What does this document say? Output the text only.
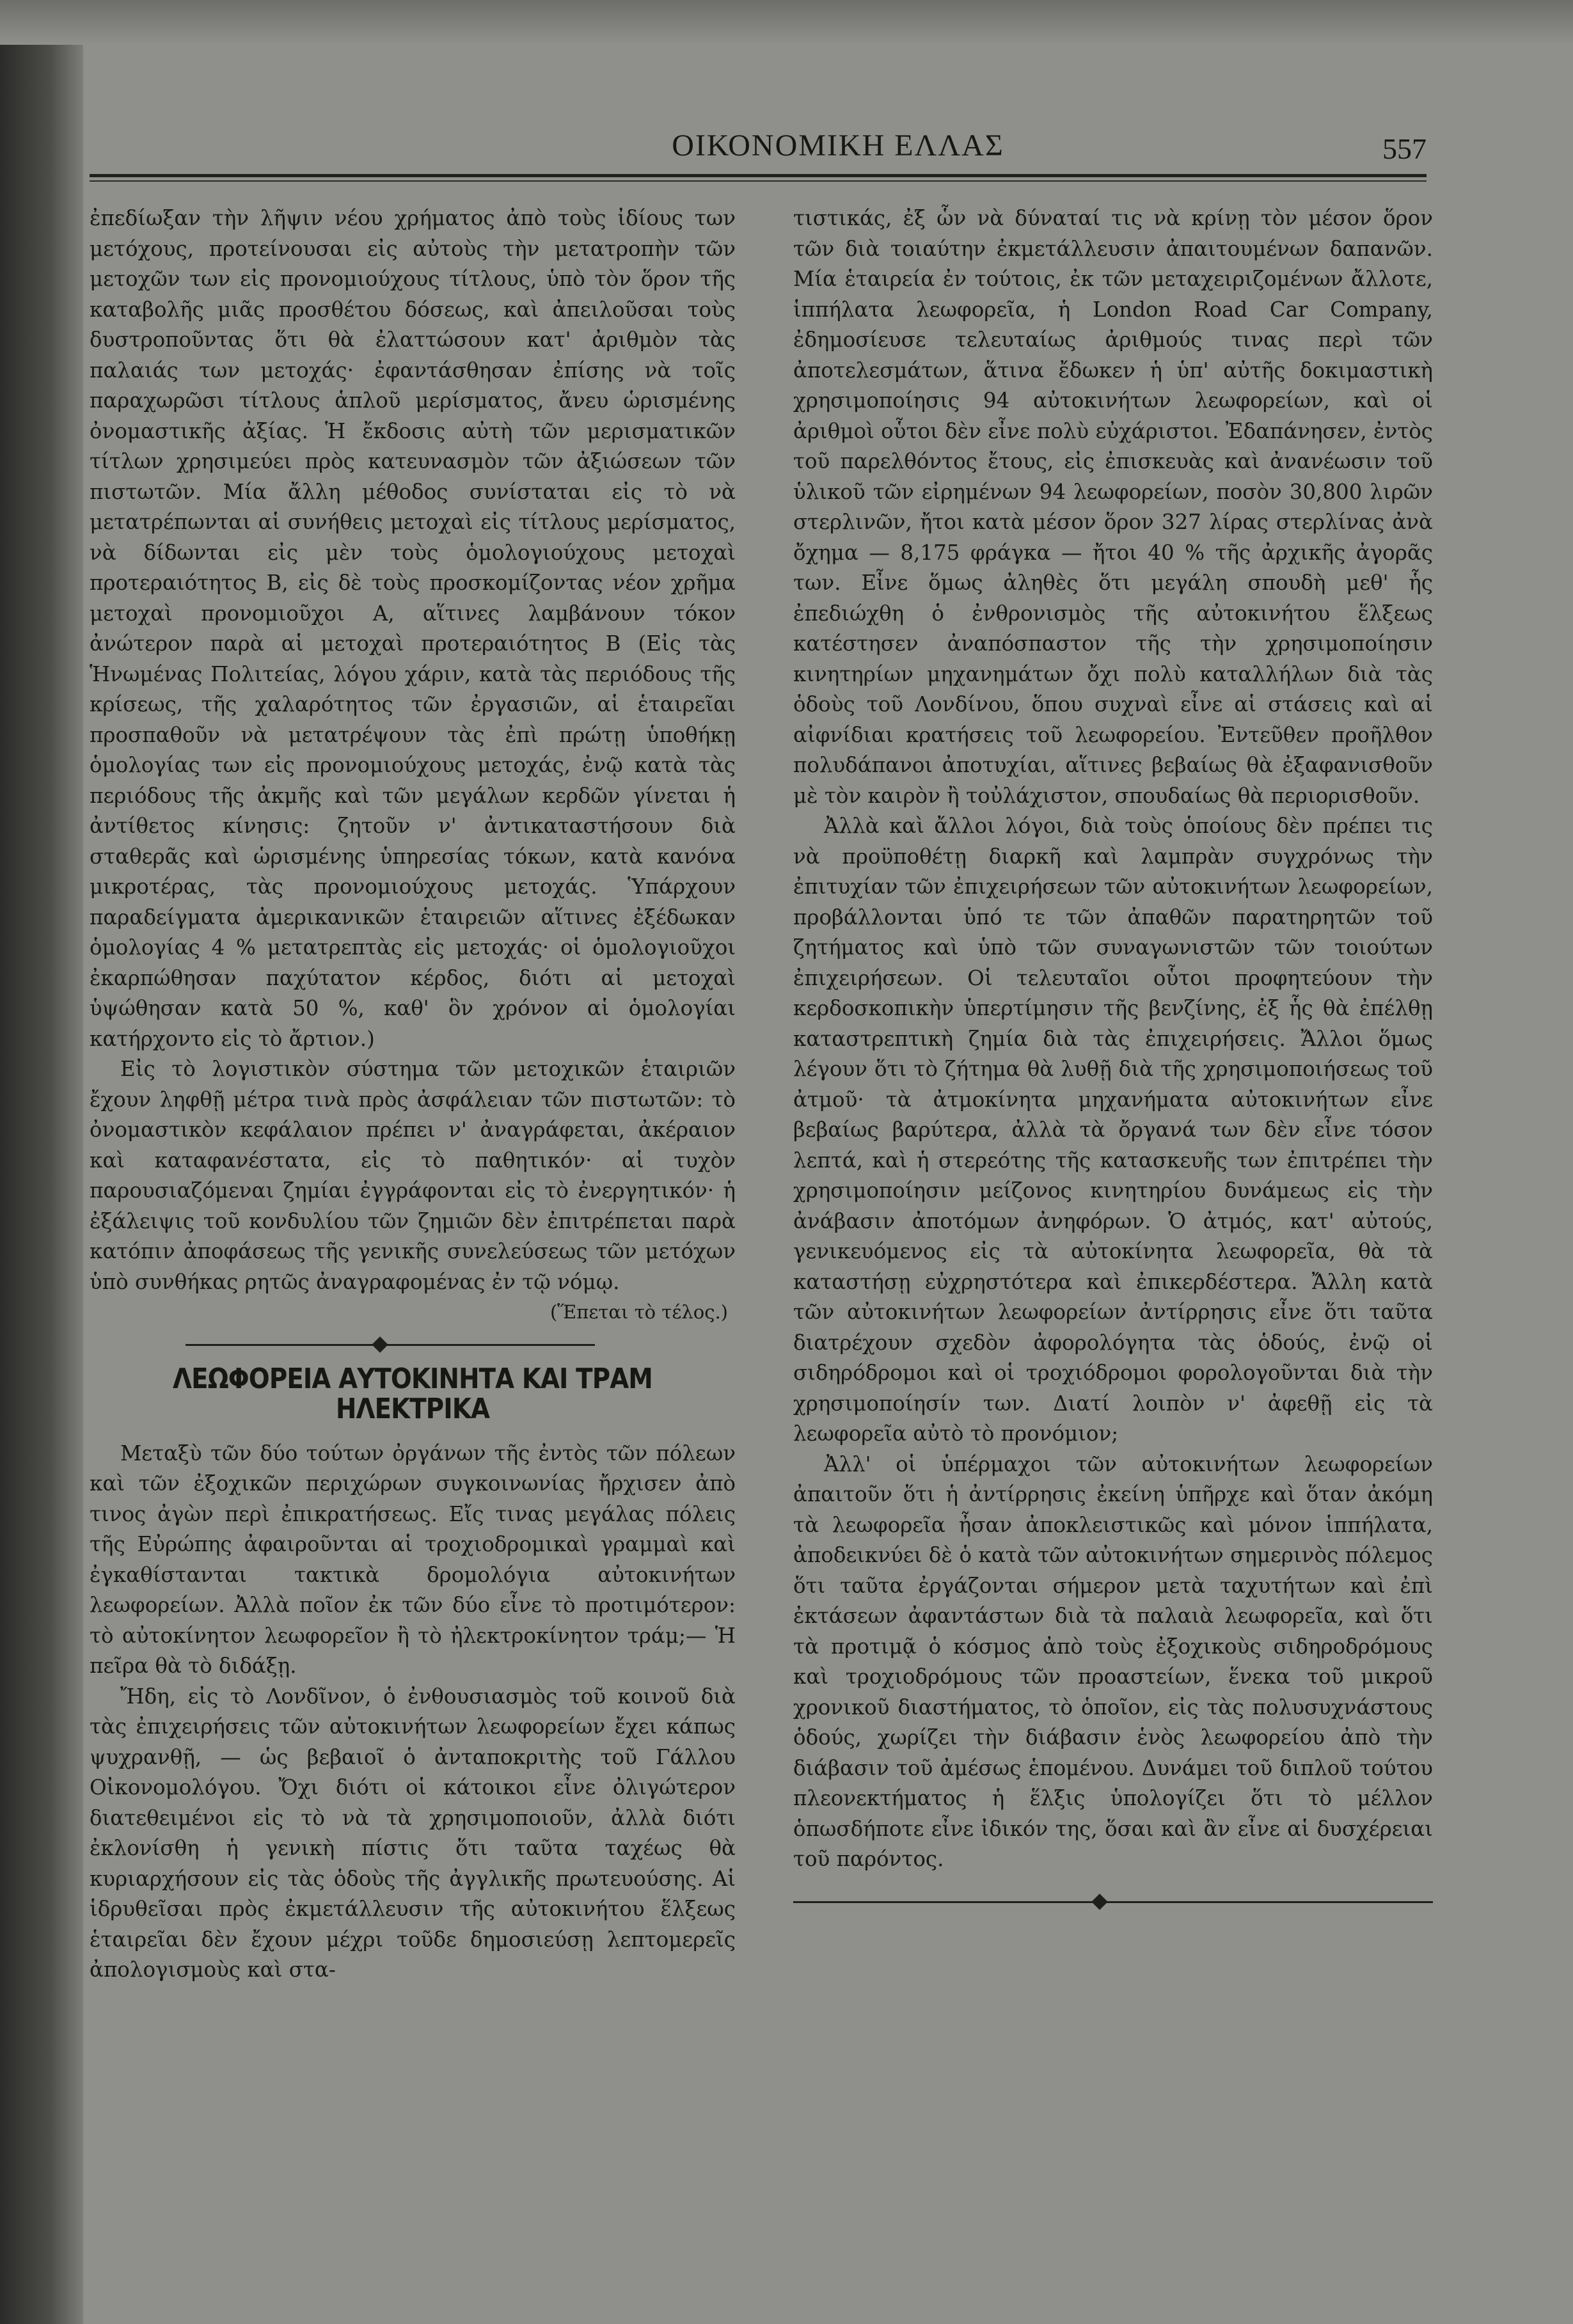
ΟΙΚΟΝΟΜΙΚΗ ΕΛΛΑΣ	557

ἐπεδίωξαν τὴν λῆψιν νέου χρήματος ἀπὸ τοὺς ἰδίους των μετόχους, προτείνουσαι εἰς αὐτοὺς τὴν μετατροπὴν τῶν μετοχῶν των εἰς προνομιούχους τίτλους, ὑπὸ τὸν ὅρον τῆς καταβολῆς μιᾶς προσθέτου δόσεως, καὶ ἀπειλοῦσαι τοὺς δυστροποῦντας ὅτι θὰ ἐλαττώσουν κατ' ἀριθμὸν τὰς παλαιάς των μετοχάς· ἐφαντάσθησαν ἐπίσης νὰ τοῖς παραχωρῶσι τίτλους ἁπλοῦ μερίσματος, ἄνευ ὡρισμένης ὀνομαστικῆς ἀξίας. Ἡ ἔκδοσις αὐτὴ τῶν μερισματικῶν τίτλων χρησιμεύει πρὸς κατευνασμὸν τῶν ἀξιώσεων τῶν πιστωτῶν. Μία ἄλλη μέθοδος συνίσταται εἰς τὸ νὰ μετατρέπωνται αἱ συνήθεις μετοχαὶ εἰς τίτλους μερίσματος, νὰ δίδωνται εἰς μὲν τοὺς ὁμολογιούχους μετοχαὶ προτεραιότητος Β, εἰς δὲ τοὺς προσκομίζοντας νέον χρῆμα μετοχαὶ προνομιοῦχοι Α, αἵτινες λαμβάνουν τόκον ἀνώτερον παρὰ αἱ μετοχαὶ προτεραιότητος Β (Εἰς τὰς Ἡνωμένας Πολιτείας, λόγου χάριν, κατὰ τὰς περιόδους τῆς κρίσεως, τῆς χαλαρότητος τῶν ἐργασιῶν, αἱ ἑταιρεῖαι προσπαθοῦν νὰ μετατρέψουν τὰς ἐπὶ πρώτῃ ὑποθήκῃ ὁμολογίας των εἰς προνομιούχους μετοχάς, ἐνῷ κατὰ τὰς περιόδους τῆς ἀκμῆς καὶ τῶν μεγάλων κερδῶν γίνεται ἡ ἀντίθετος κίνησις: ζητοῦν ν' ἀντικαταστήσουν διὰ σταθερᾶς καὶ ὡρισμένης ὑπηρεσίας τόκων, κατὰ κανόνα μικροτέρας, τὰς προνομιούχους μετοχάς. Ὑπάρχουν παραδείγματα ἀμερικανικῶν ἑταιρειῶν αἵτινες ἐξέδωκαν ὁμολογίας 4 % μετατρεπτὰς εἰς μετοχάς· οἱ ὁμολογιοῦχοι ἐκαρπώθησαν παχύτατον κέρδος, διότι αἱ μετοχαὶ ὑψώθησαν κατὰ 50 %, καθ' ὃν χρόνον αἱ ὁμολογίαι κατήρχοντο εἰς τὸ ἄρτιον.)

Εἰς τὸ λογιστικὸν σύστημα τῶν μετοχικῶν ἑταιριῶν ἔχουν ληφθῇ μέτρα τινὰ πρὸς ἀσφάλειαν τῶν πιστωτῶν: τὸ ὀνομαστικὸν κεφάλαιον πρέπει ν' ἀναγράφεται, ἀκέραιον καὶ καταφανέστατα, εἰς τὸ παθητικόν· αἱ τυχὸν παρουσιαζόμεναι ζημίαι ἐγγράφονται εἰς τὸ ἐνεργητικόν· ἡ ἐξάλειψις τοῦ κονδυλίου τῶν ζημιῶν δὲν ἐπιτρέπεται παρὰ κατόπιν ἀποφάσεως τῆς γενικῆς συνελεύσεως τῶν μετόχων ὑπὸ συνθήκας ρητῶς ἀναγραφομένας ἐν τῷ νόμῳ.

(Ἕπεται τὸ τέλος.)

ΛΕΩΦΟΡΕΙΑ ΑΥΤΟΚΙΝΗΤΑ ΚΑΙ ΤΡΑΜ ΗΛΕΚΤΡΙΚΑ

Μεταξὺ τῶν δύο τούτων ὀργάνων τῆς ἐντὸς τῶν πόλεων καὶ τῶν ἐξοχικῶν περιχώρων συγκοινωνίας ἤρχισεν ἀπὸ τινος ἀγὼν περὶ ἐπικρατήσεως. Εἴς τινας μεγάλας πόλεις τῆς Εὐρώπης ἀφαιροῦνται αἱ τροχιοδρομικαὶ γραμμαὶ καὶ ἐγκαθίστανται τακτικὰ δρομολόγια αὐτοκινήτων λεωφορείων. Ἀλλὰ ποῖον ἐκ τῶν δύο εἶνε τὸ προτιμότερον: τὸ αὐτοκίνητον λεωφορεῖον ἢ τὸ ἠλεκτροκίνητον τράμ;— Ἡ πεῖρα θὰ τὸ διδάξῃ.

Ἤδη, εἰς τὸ Λονδῖνον, ὁ ἐνθουσιασμὸς τοῦ κοινοῦ διὰ τὰς ἐπιχειρήσεις τῶν αὐτοκινήτων λεωφορείων ἔχει κάπως ψυχρανθῇ, — ὡς βεβαιοῖ ὁ ἀνταποκριτὴς τοῦ Γάλλου Οἰκονομολόγου. Ὄχι διότι οἱ κάτοικοι εἶνε ὀλιγώτερον διατεθειμένοι εἰς τὸ νὰ τὰ χρησιμοποιοῦν, ἀλλὰ διότι ἐκλονίσθη ἡ γενικὴ πίστις ὅτι ταῦτα ταχέως θὰ κυριαρχήσουν εἰς τὰς ὁδοὺς τῆς ἀγγλικῆς πρωτευούσης. Αἱ ἱδρυθεῖσαι πρὸς ἐκμετάλλευσιν τῆς αὐτοκινήτου ἕλξεως ἑταιρεῖαι δὲν ἔχουν μέχρι τοῦδε δημοσιεύσῃ λεπτομερεῖς ἀπολογισμοὺς καὶ στα-

τιστικάς, ἐξ ὧν νὰ δύναταί τις νὰ κρίνῃ τὸν μέσον ὅρον τῶν διὰ τοιαύτην ἐκμετάλλευσιν ἀπαιτουμένων δαπανῶν. Μία ἑταιρεία ἐν τούτοις, ἐκ τῶν μεταχειριζομένων ἄλλοτε, ἱππήλατα λεωφορεῖα, ἡ London Road Car Company, ἐδημοσίευσε τελευταίως ἀριθμούς τινας περὶ τῶν ἀποτελεσμάτων, ἅτινα ἔδωκεν ἡ ὑπ' αὐτῆς δοκιμαστικὴ χρησιμοποίησις 94 αὐτοκινήτων λεωφορείων, καὶ οἱ ἀριθμοὶ οὗτοι δὲν εἶνε πολὺ εὐχάριστοι. Ἐδαπάνησεν, ἐντὸς τοῦ παρελθόντος ἔτους, εἰς ἐπισκευὰς καὶ ἀνανέωσιν τοῦ ὑλικοῦ τῶν εἰρημένων 94 λεωφορείων, ποσὸν 30,800 λιρῶν στερλινῶν, ἤτοι κατὰ μέσον ὅρον 327 λίρας στερλίνας ἀνὰ ὄχημα — 8,175 φράγκα — ἤτοι 40 % τῆς ἀρχικῆς ἀγορᾶς των. Εἶνε ὅμως ἀληθὲς ὅτι μεγάλη σπουδὴ μεθ' ἧς ἐπεδιώχθη ὁ ἐνθρονισμὸς τῆς αὐτοκινήτου ἕλξεως κατέστησεν ἀναπόσπαστον τῆς τὴν χρησιμοποίησιν κινητηρίων μηχανημάτων ὄχι πολὺ καταλλήλων διὰ τὰς ὁδοὺς τοῦ Λονδίνου, ὅπου συχναὶ εἶνε αἱ στάσεις καὶ αἱ αἰφνίδιαι κρατήσεις τοῦ λεωφορείου. Ἐντεῦθεν προῆλθον πολυδάπανοι ἀποτυχίαι, αἵτινες βεβαίως θὰ ἐξαφανισθοῦν μὲ τὸν καιρὸν ἢ τοὐλάχιστον, σπουδαίως θὰ περιορισθοῦν.

Ἀλλὰ καὶ ἄλλοι λόγοι, διὰ τοὺς ὁποίους δὲν πρέπει τις νὰ προϋποθέτῃ διαρκῆ καὶ λαμπρὰν συγχρόνως τὴν ἐπιτυχίαν τῶν ἐπιχειρήσεων τῶν αὐτοκινήτων λεωφορείων, προβάλλονται ὑπό τε τῶν ἀπαθῶν παρατηρητῶν τοῦ ζητήματος καὶ ὑπὸ τῶν συναγωνιστῶν τῶν τοιούτων ἐπιχειρήσεων. Οἱ τελευταῖοι οὗτοι προφητεύουν τὴν κερδοσκοπικὴν ὑπερτίμησιν τῆς βενζίνης, ἐξ ἧς θὰ ἐπέλθῃ καταστρεπτικὴ ζημία διὰ τὰς ἐπιχειρήσεις. Ἄλλοι ὅμως λέγουν ὅτι τὸ ζήτημα θὰ λυθῇ διὰ τῆς χρησιμοποιήσεως τοῦ ἀτμοῦ· τὰ ἀτμοκίνητα μηχανήματα αὐτοκινήτων εἶνε βεβαίως βαρύτερα, ἀλλὰ τὰ ὄργανά των δὲν εἶνε τόσον λεπτά, καὶ ἡ στερεότης τῆς κατασκευῆς των ἐπιτρέπει τὴν χρησιμοποίησιν μείζονος κινητηρίου δυνάμεως εἰς τὴν ἀνάβασιν ἀποτόμων ἀνηφόρων. Ὁ ἀτμός, κατ' αὐτούς, γενικευόμενος εἰς τὰ αὐτοκίνητα λεωφορεῖα, θὰ τὰ καταστήσῃ εὐχρηστότερα καὶ ἐπικερδέστερα. Ἄλλη κατὰ τῶν αὐτοκινήτων λεωφορείων ἀντίρρησις εἶνε ὅτι ταῦτα διατρέχουν σχεδὸν ἀφορολόγητα τὰς ὁδούς, ἐνῷ οἱ σιδηρόδρομοι καὶ οἱ τροχιόδρομοι φορολογοῦνται διὰ τὴν χρησιμοποίησίν των. Διατί λοιπὸν ν' ἀφεθῇ εἰς τὰ λεωφορεῖα αὐτὸ τὸ προνόμιον;

Ἀλλ' οἱ ὑπέρμαχοι τῶν αὐτοκινήτων λεωφορείων ἀπαιτοῦν ὅτι ἡ ἀντίρρησις ἐκείνη ὑπῆρχε καὶ ὅταν ἀκόμη τὰ λεωφορεῖα ἦσαν ἀποκλειστικῶς καὶ μόνον ἱππήλατα, ἀποδεικνύει δὲ ὁ κατὰ τῶν αὐτοκινήτων σημερινὸς πόλεμος ὅτι ταῦτα ἐργάζονται σήμερον μετὰ ταχυτήτων καὶ ἐπὶ ἐκτάσεων ἀφαντάστων διὰ τὰ παλαιὰ λεωφορεῖα, καὶ ὅτι τὰ προτιμᾷ ὁ κόσμος ἀπὸ τοὺς ἐξοχικοὺς σιδηροδρόμους καὶ τροχιοδρόμους τῶν προαστείων, ἕνεκα τοῦ μικροῦ χρονικοῦ διαστήματος, τὸ ὁποῖον, εἰς τὰς πολυσυχνάστους ὁδούς, χωρίζει τὴν διάβασιν ἑνὸς λεωφορείου ἀπὸ τὴν διάβασιν τοῦ ἀμέσως ἑπομένου. Δυνάμει τοῦ διπλοῦ τούτου πλεονεκτήματος ἡ ἕλξις ὑπολογίζει ὅτι τὸ μέλλον ὁπωσδήποτε εἶνε ἰδικόν της, ὅσαι καὶ ἂν εἶνε αἱ δυσχέρειαι τοῦ παρόντος.
